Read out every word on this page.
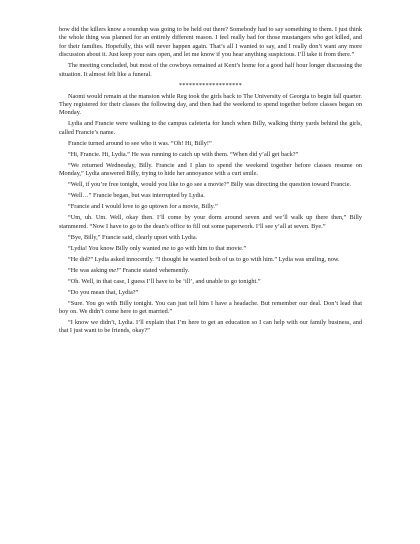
how did the killers know a roundup was going to be held out there? Somebody had to say something to them. I just think the whole thing was planned for an entirely different reason. I feel really bad for those mustangers who got killed, and for their families. Hopefully, this will never happen again. That’s all I wanted to say, and I really don’t want any more discussion about it. Just keep your ears open, and let me know if you hear anything suspicious. I’ll take it from there.”

The meeting concluded, but most of the cowboys remained at Kent’s home for a good half hour longer discussing the situation. It almost felt like a funeral.

*******************

Naomi would remain at the mansion while Reg took the girls back to The University of Georgia to begin fall quarter. They registered for their classes the following day, and then had the weekend to spend together before classes began on Monday.

Lydia and Francie were walking to the campus cafeteria for lunch when Billy, walking thirty yards behind the girls, called Francie’s name.

Francie turned around to see who it was. “Oh! Hi, Billy!”

“Hi, Francie. Hi, Lydia.” He was running to catch up with them. “When did y’all get back?”

“We returned Wednesday, Billy. Francie and I plan to spend the weekend together before classes resume on Monday,” Lydia answered Billy, trying to hide her annoyance with a curt smile.

“Well, if you’re free tonight, would you like to go see a movie?” Billy was directing the question toward Francie.

“Well…” Francie began, but was interrupted by Lydia.

“Francie and I would love to go uptown for a movie, Billy.”

“Um, uh. Um. Well, okay then. I’ll come by your dorm around seven and we’ll walk up there then,” Billy stammered. “Now I have to go to the dean’s office to fill out some paperwork. I’ll see y’all at seven. Bye.”

“Bye, Billy,” Francie said, clearly upset with Lydia.

“Lydia! You know Billy only wanted me to go with him to that movie.”

“He did?” Lydia asked innocently. “I thought he wanted both of us to go with him.” Lydia was smiling, now.

“He was asking me!” Francie stated vehemently.

“Oh. Well, in that case, I guess I’ll have to be ‘ill’, and unable to go tonight.”

“Do you mean that, Lydia?”

“Sure. You go with Billy tonight. You can just tell him I have a headache. But remember our deal. Don’t lead that boy on. We didn’t come here to get married.”

“I know we didn’t, Lydia. I’ll explain that I’m here to get an education so I can help with our family business, and that I just want to be friends, okay?”
